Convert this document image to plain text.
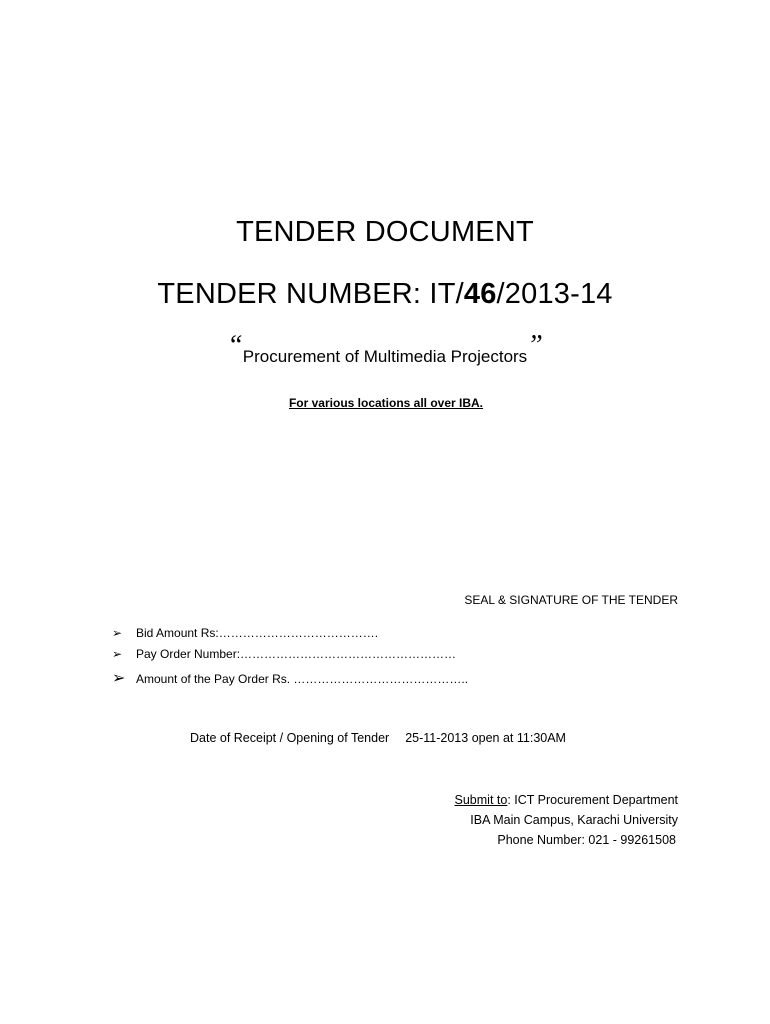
TENDER DOCUMENT
TENDER NUMBER: IT/46/2013-14
“Procurement of Multimedia Projectors”
For various locations all over IBA.
SEAL & SIGNATURE OF THE TENDER
➢ Bid Amount Rs:………………………………….
➢ Pay Order Number:………………………………………………
➢ Amount of the Pay Order Rs. ……………………………………..
Date of Receipt / Opening of Tender 25-11-2013 open at 11:30AM
Submit to: ICT Procurement Department
IBA Main Campus, Karachi University
Phone Number: 021 - 99261508
